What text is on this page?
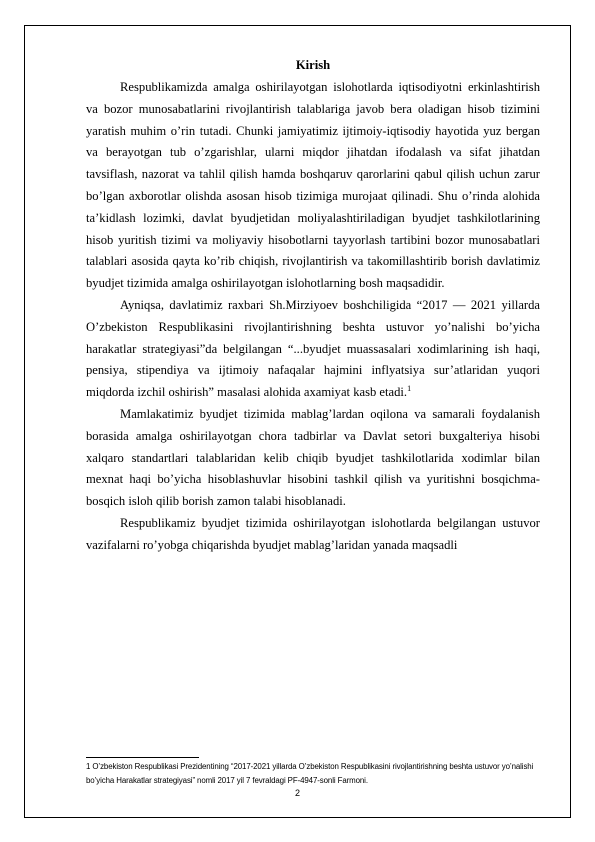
Kirish

Respublikamizda amalga oshirilayotgan islohotlarda iqtisodiyotni erkinlashtirish va bozor munosabatlarini rivojlantirish talablariga javob bera oladigan hisob tizimini yaratish muhim o’rin tutadi. Chunki jamiyatimiz ijtimoiy-iqtisodiy hayotida yuz bergan va berayotgan tub o’zgarishlar, ularni miqdor jihatdan ifodalash va sifat jihatdan tavsiflash, nazorat va tahlil qilish hamda boshqaruv qarorlarini qabul qilish uchun zarur bo’lgan axborotlar olishda asosan hisob tizimiga murojaat qilinadi. Shu o’rinda alohida ta’kidlash lozimki, davlat byudjetidan moliyalashtiriladigan byudjet tashkilotlarining hisob yuritish tizimi va moliyaviy hisobotlarni tayyorlash tartibini bozor munosabatlari talablari asosida qayta ko’rib chiqish, rivojlantirish va takomillashtirib borish davlatimiz byudjet tizimida amalga oshirilayotgan islohotlarning bosh maqsadidir.

Ayniqsa, davlatimiz raxbari Sh.Mirziyoev boshchiligida “2017 — 2021 yillarda O’zbekiston Respublikasini rivojlantirishning beshta ustuvor yo’nalishi bo’yicha harakatlar strategiyasi”da belgilangan “...byudjet muassasalari xodimlarining ish haqi, pensiya, stipendiya va ijtimoiy nafaqalar hajmini inflyatsiya sur’atlaridan yuqori miqdorda izchil oshirish” masalasi alohida axamiyat kasb etadi.$^1$

Mamlakatimiz byudjet tizimida mablag’lardan oqilona va samarali foydalanish borasida amalga oshirilayotgan chora tadbirlar va Davlat setori buxgalteriya hisobi xalqaro standartlari talablaridan kelib chiqib byudjet tashkilotlarida xodimlar bilan mexnat haqi bo’yicha hisoblashuvlar hisobini tashkil qilish va yuritishni bosqichma-bosqich isloh qilib borish zamon talabi hisoblanadi.

Respublikamiz byudjet tizimida oshirilayotgan islohotlarda belgilangan ustuvor vazifalarni ro’yobga chiqarishda byudjet mablag’laridan yanada maqsadli

1 O’zbekiston Respublikasi Prezidentining “2017-2021 yillarda O’zbekiston Respublikasini rivojlantirishning beshta ustuvor yo’nalishi bo’yicha Harakatlar strategiyasi” nomli 2017 yil 7 fevraldagi PF-4947-sonli Farmoni.
2
